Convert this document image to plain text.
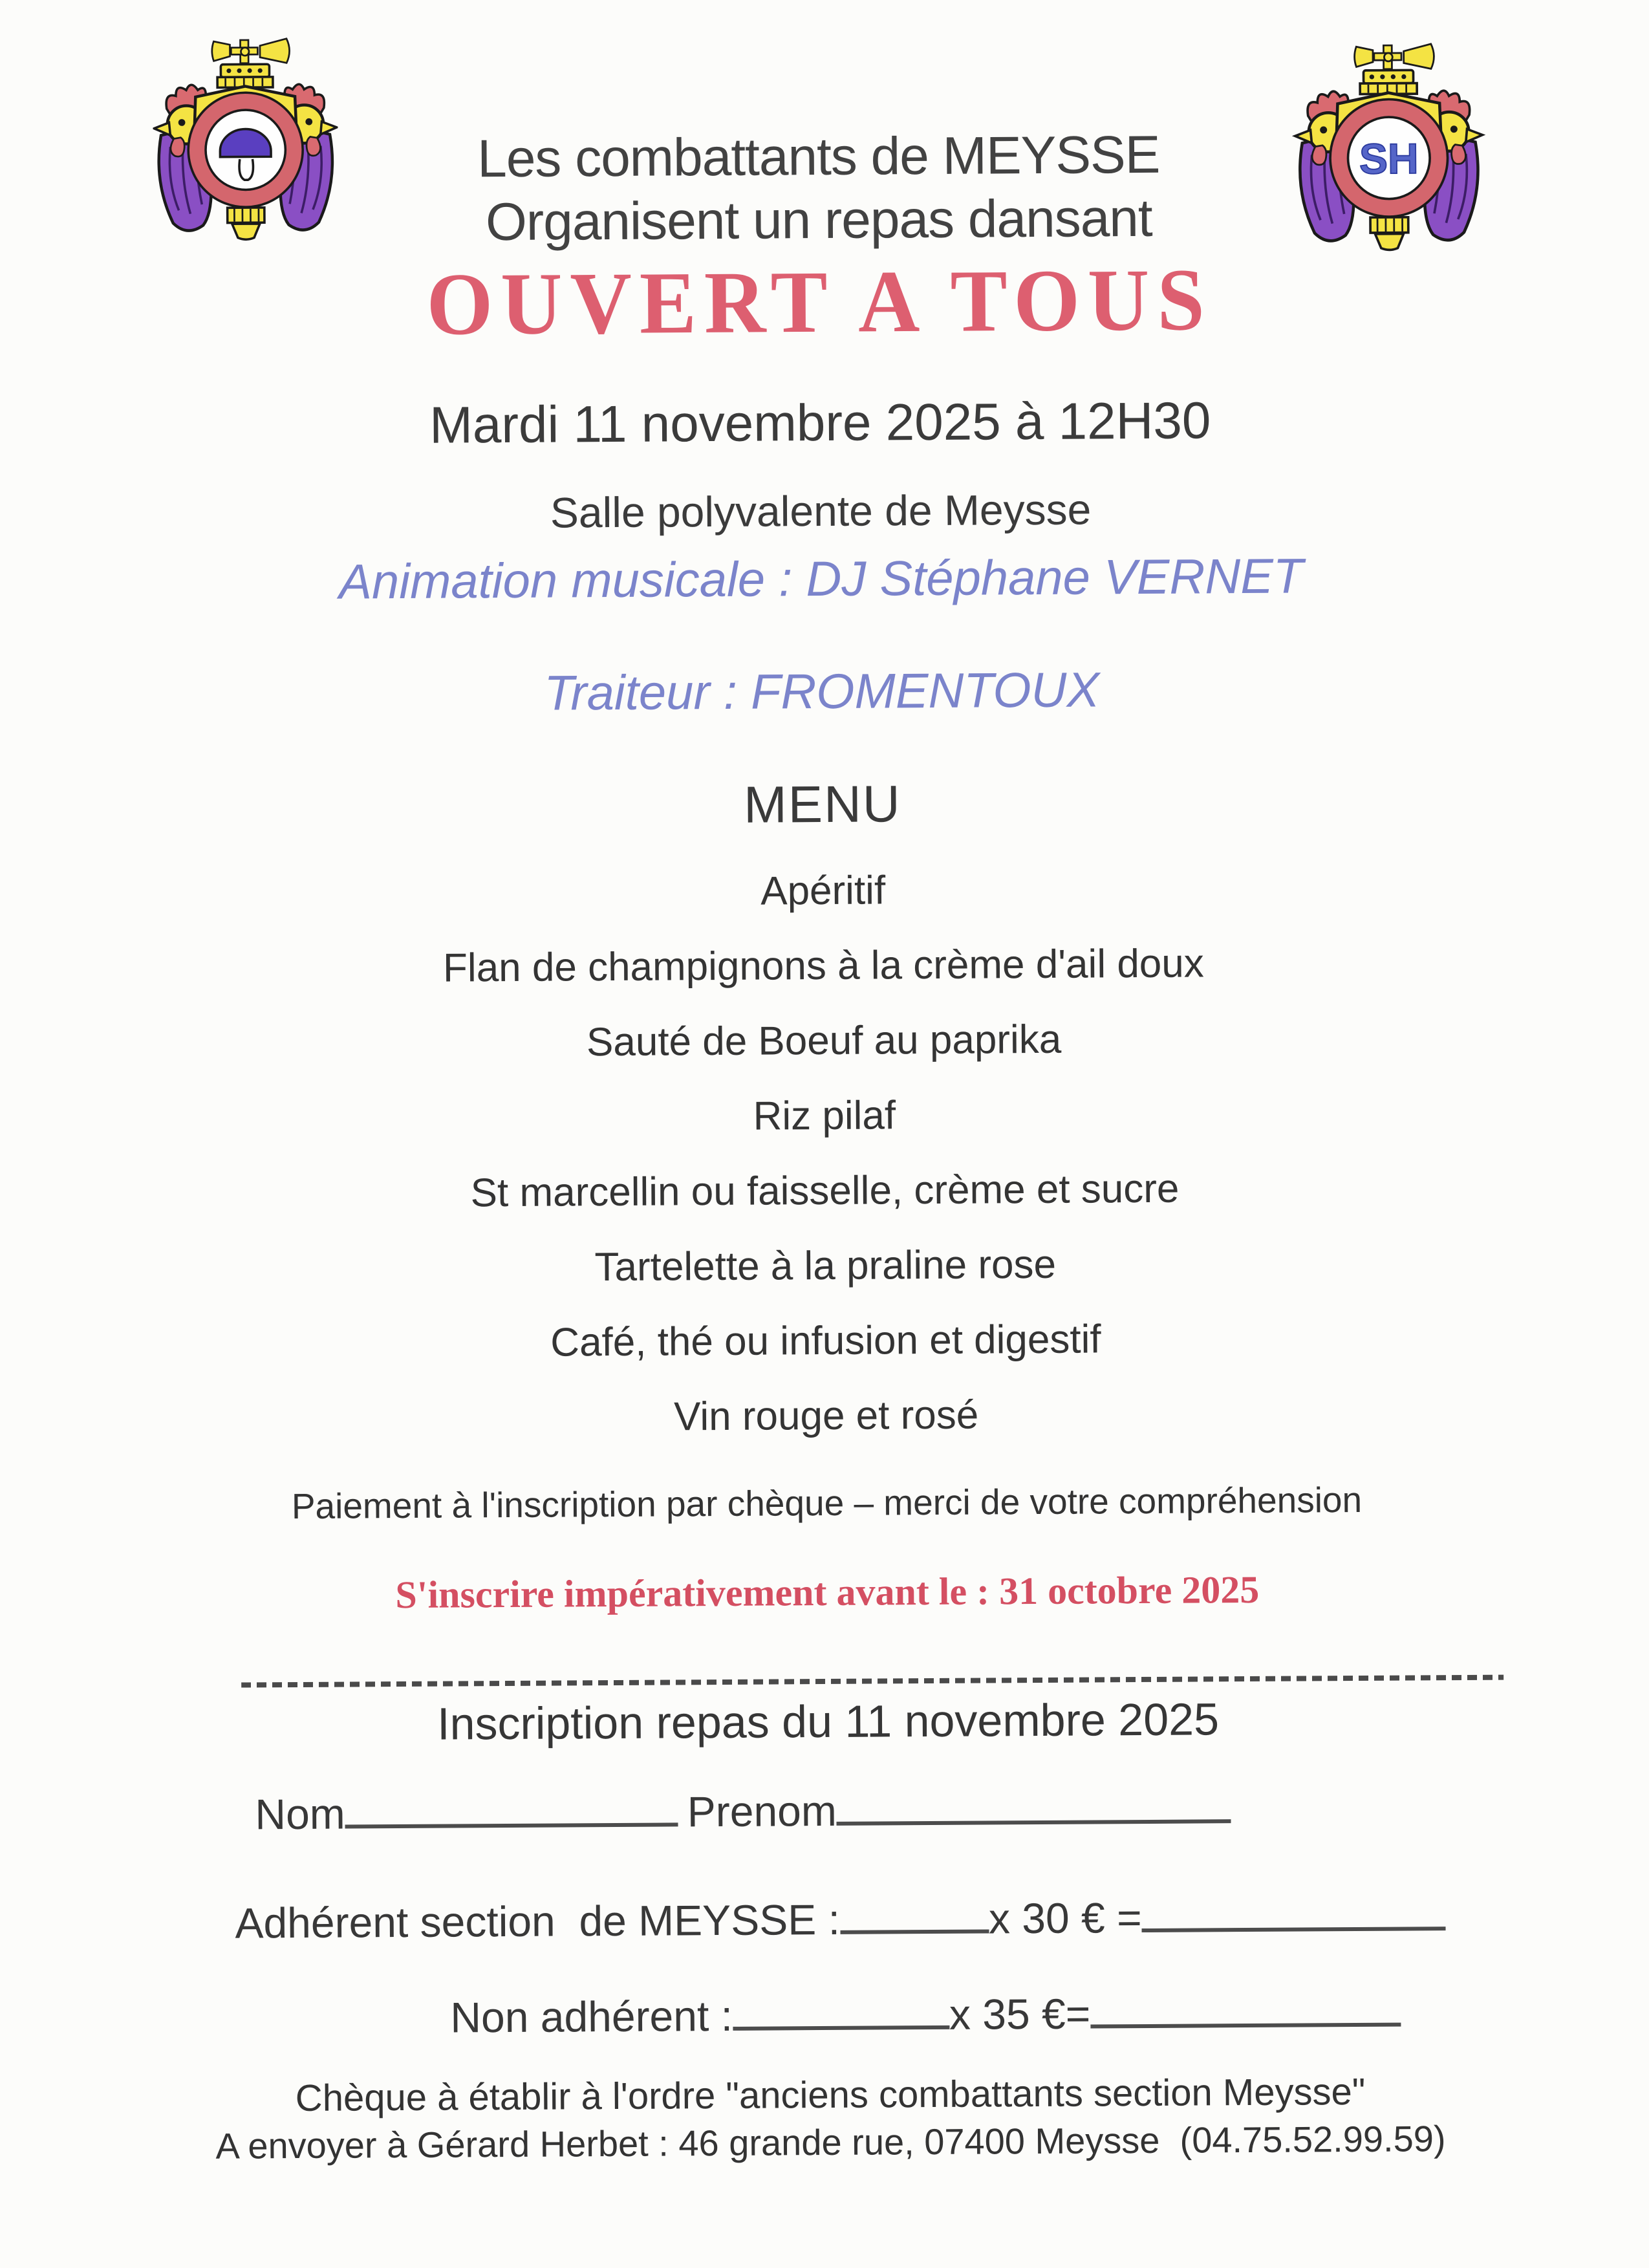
SH
Les combattants de MEYSSE
Organisent un repas dansant
OUVERT A TOUS
Mardi 11 novembre 2025 à 12H30
Salle polyvalente de Meysse
Animation musicale : DJ Stéphane VERNET
Traiteur : FROMENTOUX
MENU
Apéritif
Flan de champignons à la crème d'ail doux
Sauté de Boeuf au paprika
Riz pilaf
St marcellin ou faisselle, crème et sucre
Tartelette à la praline rose
Café, thé ou infusion et digestif
Vin rouge et rosé
Paiement à l'inscription par chèque – merci de votre compréhension
S'inscrire impérativement avant le : 31 octobre 2025
Inscription repas du 11 novembre 2025
Nom	Prenom
Adhérent section  de MEYSSE :	x 30 € =
Non adhérent :	x 35 €=
Chèque à établir à l'ordre "anciens combattants section Meysse"
A envoyer à Gérard Herbet : 46 grande rue, 07400 Meysse  (04.75.52.99.59)
